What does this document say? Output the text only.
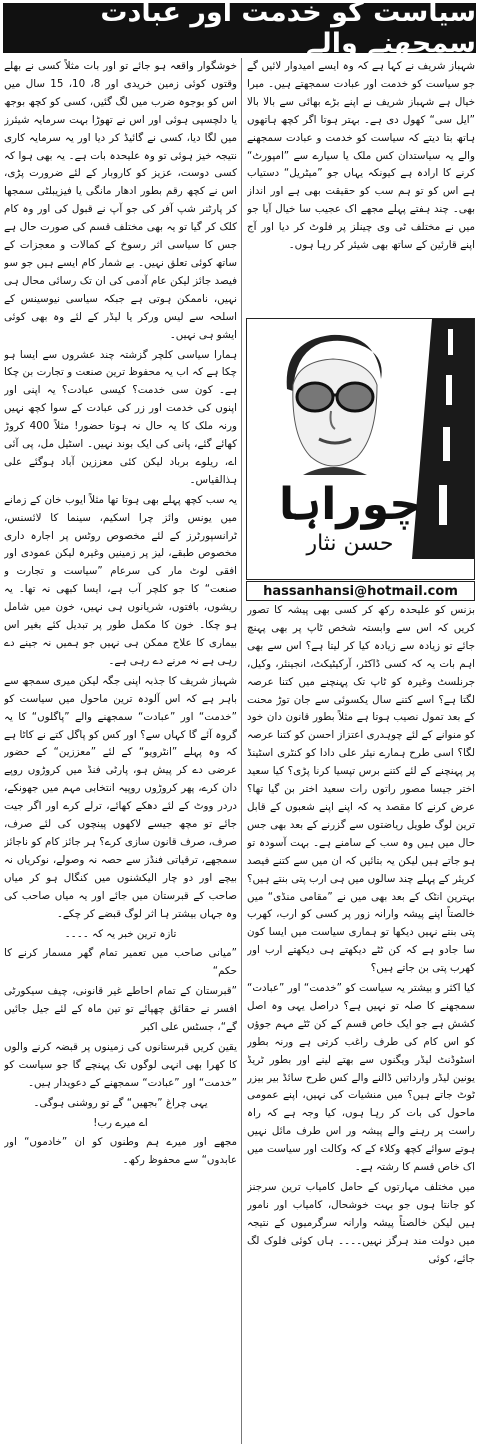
سیاست کو خدمت اور عبادت سمجھنے والے

شہباز شریف نے کہا ہے کہ وہ ایسے امیدوار لائیں گے جو سیاست کو خدمت اور عبادت سمجھتے ہیں۔ میرا خیال ہے شہباز شریف نے اپنے بڑے بھائی سے بالا بالا ”ایل سی“ کھول دی ہے۔ بہتر ہوتا اگر کچھ ہاتھوں ہاتھ بتا دیتے کہ سیاست کو خدمت و عبادت سمجھنے والے یہ سیاستدان کس ملک یا سیارے سے ”امپورٹ“ کرنے کا ارادہ ہے کیونکہ یہاں جو ”میٹریل“ دستیاب ہے اس کو تو ہم سب کو حقیقت بھی ہے اور انداز بھی۔ چند ہفتے پہلے مجھے اک عجیب سا خیال آیا جو میں نے مختلف ٹی وی چینلز پر فلوٹ کر دیا اور آج اپنے قارئین کے ساتھ بھی شیئر کر رہا ہوں۔

چوراہا
حسن نثار
hassanhansi@hotmail.com

بزنس کو علیحدہ رکھ کر کسی بھی پیشہ کا تصور کریں کہ اس سے وابستہ شخص ٹاپ پر بھی پہنچ جائے تو زیادہ سے زیادہ کیا کر لیتا ہے؟ اس سے بھی اہم بات یہ کہ کسی ڈاکٹر، آرکیٹیکٹ، انجینئر، وکیل، جرنلسٹ وغیرہ کو ٹاپ تک پہنچنے میں کتنا عرصہ لگتا ہے؟ اسے کتنے سال یکسوئی سے جان توڑ محنت کے بعد تمول نصیب ہوتا ہے مثلاً بطور قانون دان خود کو منوانے کے لئے چوہدری اعتزاز احسن کو کتنا عرصہ لگا؟ اسی طرح ہمارے نیئر علی دادا کو کنٹری اسٹینڈ پر پہنچنے کے لئے کتنے برس تپسیا کرنا پڑی؟ کیا سعید اختر جیسا مصور راتوں رات سعید اختر بن گیا تھا؟ عرض کرنے کا مقصد یہ کہ اپنے اپنے شعبوں کے قابل ترین لوگ طویل ریاضتوں سے گزرنے کے بعد بھی جس حال میں ہیں وہ سب کے سامنے ہے۔ بہت آسودہ تو ہو جاتے ہیں لیکن یہ بتائیں کہ ان میں سے کتنے فیصد کریئر کے پہلے چند سالوں میں ہی ارب پتی بنتے ہیں؟ بہترین انٹک کے بعد بھی میں نے ”مقامی منڈی“ میں خالصتاً اپنے پیشہ وارانہ زور پر کسی کو ارب، کھرب پتی بنتے نہیں دیکھا تو ہماری سیاست میں ایسا کون سا جادو ہے کہ کن ٹٹے دیکھتے ہی دیکھتے ارب اور کھرب پتی بن جاتے ہیں؟

کیا اکثر و بیشتر یہ سیاست کو ”خدمت“ اور ”عبادت“ سمجھنے کا صلہ تو نہیں ہے؟ دراصل یہی وہ اصل کشش ہے جو ایک خاص قسم کے کن ٹٹے مہم جوؤں کو اس کام کی طرف راغب کرتی ہے ورنہ بطور اسٹوڈنٹ لیڈر ویگنوں سے بھتے لینے اور بطور ٹریڈ یونین لیڈر وارداتیں ڈالنے والے کس طرح سائڈ بیر بیزر ٹوٹ جاتے ہیں؟ میں منشیات کی نہیں، اپنے عمومی ماحول کی بات کر رہا ہوں، کیا وجہ ہے کہ راہ راست پر رہنے والے پیشہ ور اس طرف مائل نہیں ہوتے سوائے کچھ وکلاء کے کہ وکالت اور سیاست میں اک خاص قسم کا رشتہ ہے۔

میں مختلف مہارتوں کے حامل کامیاب ترین سرجنز کو جانتا ہوں جو بہت خوشحال، کامیاب اور نامور ہیں لیکن خالصتاً پیشہ وارانہ سرگرمیوں کے نتیجہ میں دولت مند ہرگز نہیں۔۔۔۔ ہاں کوئی فلوک لگ جائے، کوئی

خوشگوار واقعہ ہو جائے تو اور بات مثلاً کسی نے بھلے وقتوں کوئی زمین خریدی اور 8، 10، 15 سال میں اس کو بوجوہ ضرب میں لگ گئیں، کسی کو کچھ بوجھ یا دلچسپی ہوئی اور اس نے تھوڑا بہت سرمایہ شیئرز میں لگا دیا، کسی نے گائیڈ کر دیا اور یہ سرمایہ کاری نتیجہ خیز ہوئی تو وہ علیحدہ بات ہے۔ یہ بھی ہوا کہ کسی دوست، عزیز کو کاروبار کے لئے ضرورت پڑی، اس نے کچھ رقم بطور ادھار مانگی یا فیزیبلٹی سمجھا کر پارٹنر شپ آفر کی جو آپ نے قبول کی اور وہ کام کلک کر گیا تو یہ بھی مختلف قسم کی صورت حال ہے جس کا سیاسی اثر رسوخ کے کمالات و معجزات کے ساتھ کوئی تعلق نہیں۔ بے شمار کام ایسے ہیں جو سو فیصد جائز لیکن عام آدمی کی ان تک رسائی محال ہی نہیں، ناممکن ہوتی ہے جبکہ سیاسی نیوسینس کے اسلحہ سے لیس ورکر یا لیڈر کے لئے وہ بھی کوئی ایشو ہی نہیں۔

ہمارا سیاسی کلچر گزشتہ چند عشروں سے ایسا ہو چکا ہے کہ اب یہ محفوظ ترین صنعت و تجارت بن چکا ہے۔ کون سی خدمت؟ کیسی عبادت؟ یہ اپنی اور اپنوں کی خدمت اور زر کی عبادت کے سوا کچھ نہیں ورنہ ملک کا یہ حال نہ ہوتا حضور! مثلاً 400 کروڑ کھائے گئے، پانی کی ایک بوند نہیں۔ اسٹیل مل، پی آئی اے، ریلوے برباد لیکن کئی معززین آباد ہوگئے علی ہذالقیاس۔

یہ سب کچھ پہلے بھی ہوتا تھا مثلاً ایوب خان کے زمانے میں یونس وائز چرا اسکیم، سینما کا لائسنس، ٹرانسپورٹرز کے لئے مخصوص روٹس پر اجارہ داری مخصوص طبقے، لیز پر زمینیں وغیرہ لیکن عمودی اور افقی لوٹ مار کی سرعام ”سیاست و تجارت و صنعت“ کا جو کلچر آب ہے، ایسا کبھی نہ تھا۔ یہ ریشوں، بافتوں، شریانوں ہی نہیں، خون میں شامل ہو چکا۔ خون کا مکمل طور پر تبدیل کئے بغیر اس بیماری کا علاج ممکن ہی نہیں جو ہمیں نہ جینے دے رہی ہے نہ مرنے دے رہی ہے۔

شہباز شریف کا جذبہ اپنی جگہ لیکن میری سمجھ سے باہر ہے کہ اس آلودہ ترین ماحول میں سیاست کو ”خدمت“ اور ”عبادت“ سمجھنے والے ”پاگلوں“ کا یہ گروہ آئے گا کہاں سے؟ اور کس کو پاگل کتے نے کاٹا ہے کہ وہ پہلے ”انٹرویو“ کے لئے ”معززین“ کے حضور عرضی دے کر پیش ہو، پارٹی فنڈ میں کروڑوں روپے دان کرے، پھر کروڑوں روپیہ انتخابی مہم میں جھونکے، دردر ووٹ کے لئے دھکے کھائے، ترلے کرے اور اگر جیت جائے تو مچھ جیسے لاکھوں پینچوں کی لئے صرف، صرف، صرف قانون سازی کرے؟ ہر جائز کام کو ناجائز سمجھے، ترقیاتی فنڈز سے حصہ نہ وصولے، نوکریاں نہ بیچے اور دو چار الیکشنوں میں کنگال ہو کر میاں صاحب کے قبرستان میں جائے اور یہ میاں صاحب کی وہ جہاں بیشتر ہا اثر لوگ قبضے کر چکے۔

تازہ ترین خبر یہ کہ ۔۔۔۔

”میانی صاحب میں تعمیر تمام گھر مسمار کرنے کا حکم“

”قبرستان کے تمام احاطے غیر قانونی، چیف سیکورٹی افسر نے حقائق چھپائے تو تین ماہ کے لئے جیل جائیں گے“، جسٹس علی اکبر

یقین کریں قبرستانوں کی زمینوں پر قبضہ کرنے والوں کا کھرا بھی انہی لوگوں تک پہنچے گا جو سیاست کو ”خدمت“ اور ”عبادت“ سمجھنے کے دعویدار ہیں۔

یہی چراغ ”بجھیں“ گے تو روشنی ہوگی۔

اے میرے رب!

مجھے اور میرے ہم وطنوں کو ان ”خادموں“ اور عابدوں“ سے محفوظ رکھ۔
